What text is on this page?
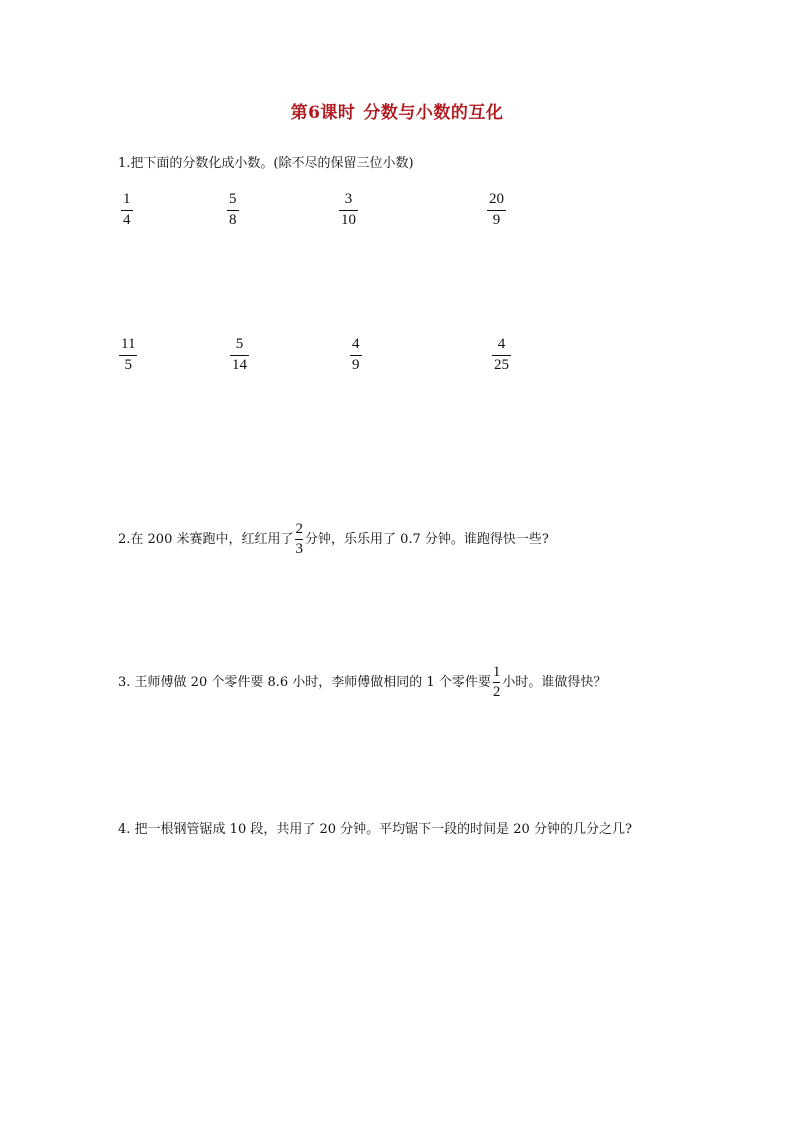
第6课时 分数与小数的互化
1.把下面的分数化成小数。(除不尽的保留三位小数)
1
4
5
8
3
10
20
9
11
5
5
14
4
9
4
25
2.在 200 米赛跑中，红红用了 $\frac{2}{3}$ 分钟，乐乐用了 0.7 分钟。谁跑得快一些?
3. 王师傅做 20 个零件要 8.6 小时，李师傅做相同的 1 个零件要 $\frac{1}{2}$ 小时。谁做得快？
4. 把一根钢管锯成 10 段，共用了 20 分钟。平均锯下一段的时间是 20 分钟的几分之几?
